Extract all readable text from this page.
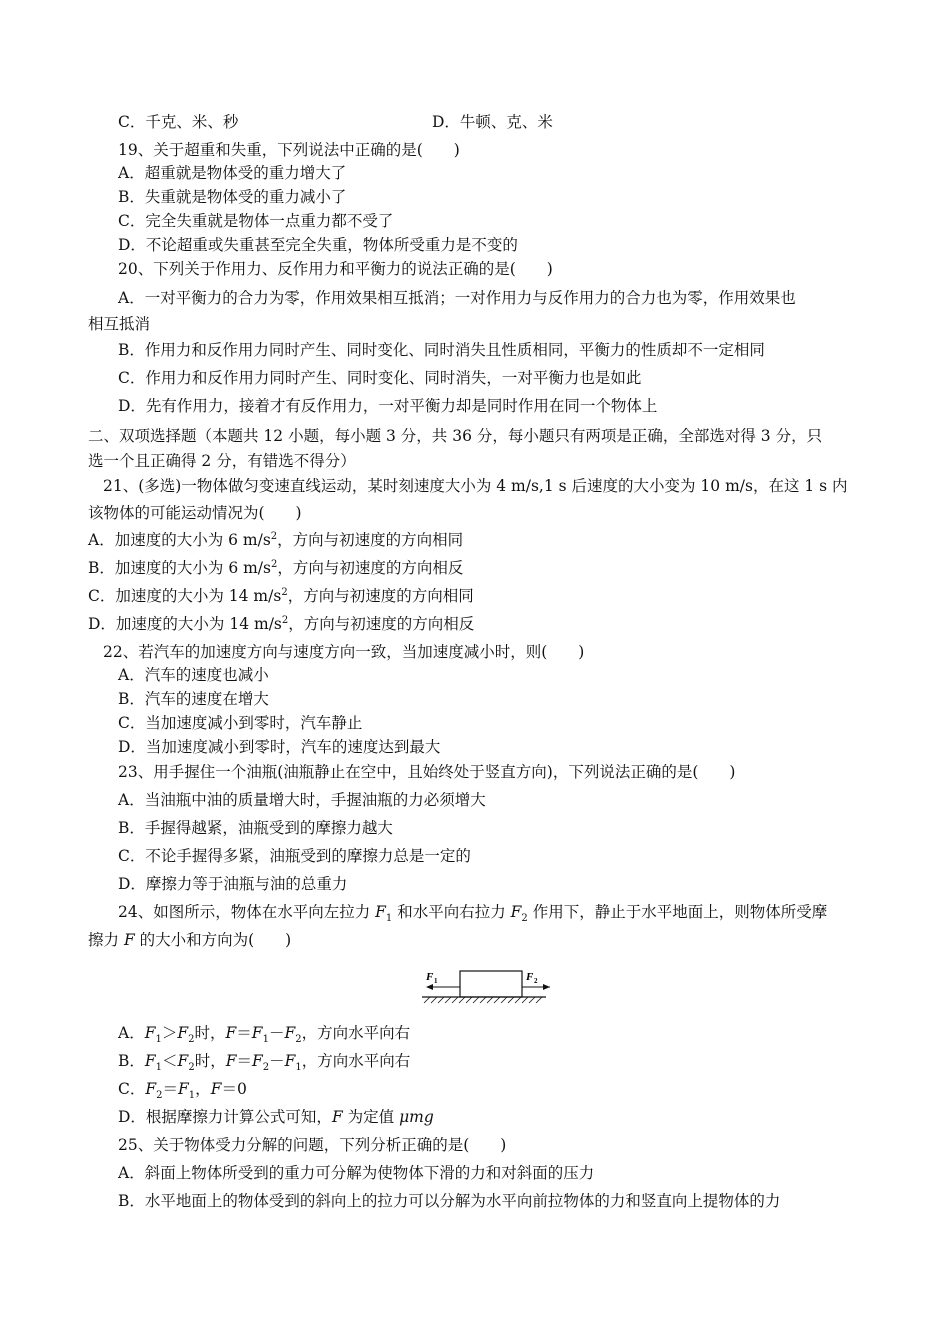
C．千克、米、秒	D．牛顿、克、米
19、关于超重和失重，下列说法中正确的是(　　)
A．超重就是物体受的重力增大了
B．失重就是物体受的重力减小了
C．完全失重就是物体一点重力都不受了
D．不论超重或失重甚至完全失重，物体所受重力是不变的
20、下列关于作用力、反作用力和平衡力的说法正确的是(　　)
A．一对平衡力的合力为零，作用效果相互抵消；一对作用力与反作用力的合力也为零，作用效果也
相互抵消
B．作用力和反作用力同时产生、同时变化、同时消失且性质相同，平衡力的性质却不一定相同
C．作用力和反作用力同时产生、同时变化、同时消失，一对平衡力也是如此
D．先有作用力，接着才有反作用力，一对平衡力却是同时作用在同一个物体上
二、双项选择题（本题共 12 小题，每小题 3 分，共 36 分，每小题只有两项是正确，全部选对得 3 分，只
选一个且正确得 2 分，有错选不得分）
21、(多选)一物体做匀变速直线运动，某时刻速度大小为 4 m/s,1 s 后速度的大小变为 10 m/s，在这 1 s 内
该物体的可能运动情况为(　　)
A．加速度的大小为 6 $m/s^2$，方向与初速度的方向相同
B．加速度的大小为 6 $m/s^2$，方向与初速度的方向相反
C．加速度的大小为 14 $m/s^2$，方向与初速度的方向相同
D．加速度的大小为 14 $m/s^2$，方向与初速度的方向相反
22、若汽车的加速度方向与速度方向一致，当加速度减小时，则(　　)
A．汽车的速度也减小
B．汽车的速度在增大
C．当加速度减小到零时，汽车静止
D．当加速度减小到零时，汽车的速度达到最大
23、用手握住一个油瓶(油瓶静止在空中，且始终处于竖直方向)，下列说法正确的是(　　)
A．当油瓶中油的质量增大时，手握油瓶的力必须增大
B．手握得越紧，油瓶受到的摩擦力越大
C．不论手握得多紧，油瓶受到的摩擦力总是一定的
D．摩擦力等于油瓶与油的总重力
24、如图所示，物体在水平向左拉力 $F_1$ 和水平向右拉力 $F_2$ 作用下，静止于水平地面上，则物体所受摩
擦力 F 的大小和方向为(　　)
F 1	F 2
A．$F_1>F_2$时，$F=F_1-F_2$，方向水平向右
B．$F_1<F_2$时，$F=F_2-F_1$，方向水平向右
C．$F_2=F_1$，F＝0
D．根据摩擦力计算公式可知，F 为定值 μmg
25、关于物体受力分解的问题，下列分析正确的是(　　)
A．斜面上物体所受到的重力可分解为使物体下滑的力和对斜面的压力
B．水平地面上的物体受到的斜向上的拉力可以分解为水平向前拉物体的力和竖直向上提物体的力
